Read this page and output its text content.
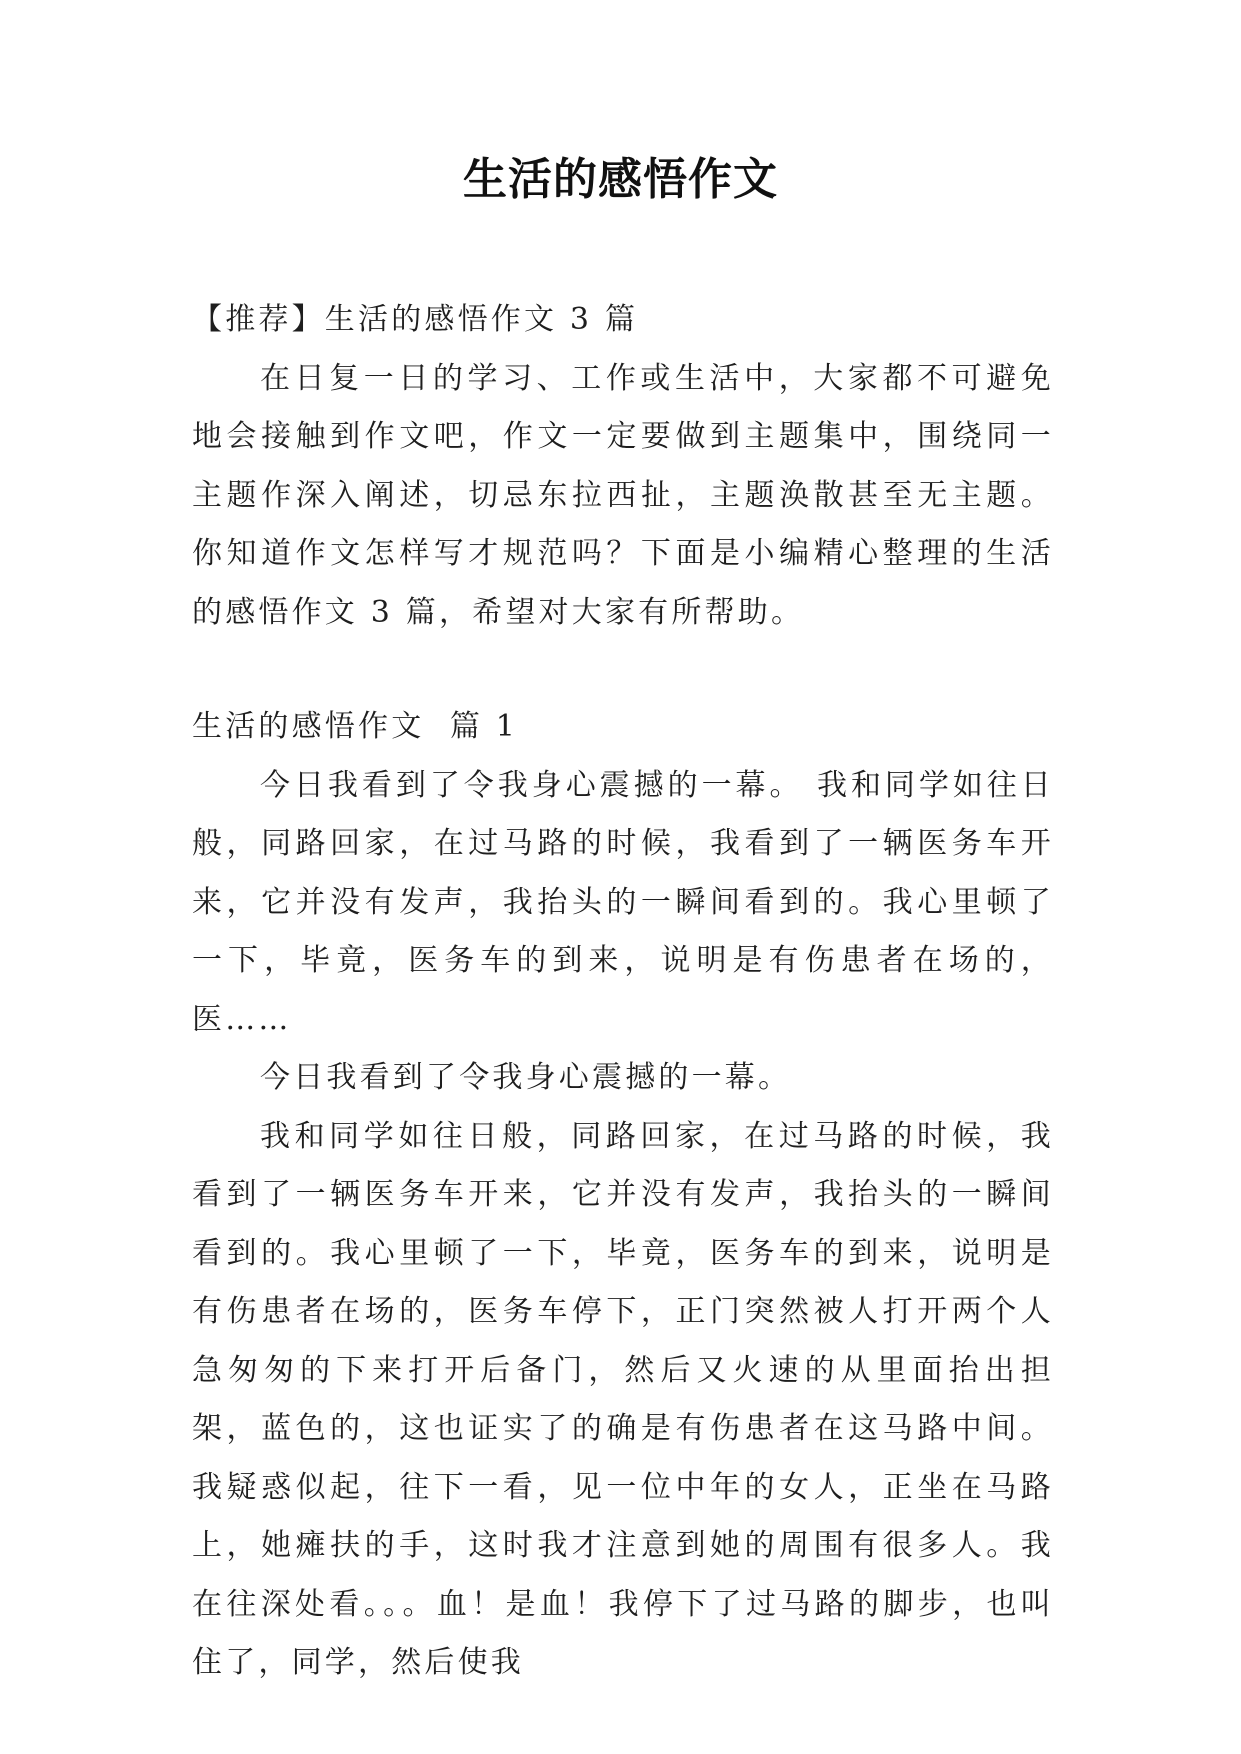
生活的感悟作文

【推荐】生活的感悟作文 3 篇

在日复一日的学习、工作或生活中，大家都不可避免地会接触到作文吧，作文一定要做到主题集中，围绕同一主题作深入阐述，切忌东拉西扯，主题涣散甚至无主题。你知道作文怎样写才规范吗？下面是小编精心整理的生活的感悟作文 3 篇，希望对大家有所帮助。

生活的感悟作文  篇 1

今日我看到了令我身心震撼的一幕。 我和同学如往日般，同路回家，在过马路的时候，我看到了一辆医务车开来，它并没有发声，我抬头的一瞬间看到的。我心里顿了一下，毕竟，医务车的到来，说明是有伤患者在场的，医……

今日我看到了令我身心震撼的一幕。

我和同学如往日般，同路回家，在过马路的时候，我看到了一辆医务车开来，它并没有发声，我抬头的一瞬间看到的。我心里顿了一下，毕竟，医务车的到来，说明是有伤患者在场的，医务车停下，正门突然被人打开两个人急匆匆的下来打开后备门，然后又火速的从里面抬出担架，蓝色的，这也证实了的确是有伤患者在这马路中间。我疑惑似起，往下一看，见一位中年的女人，正坐在马路上，她瘫扶的手，这时我才注意到她的周围有很多人。我在往深处看。。。血！是血！我停下了过马路的脚步，也叫住了，同学，然后使我
